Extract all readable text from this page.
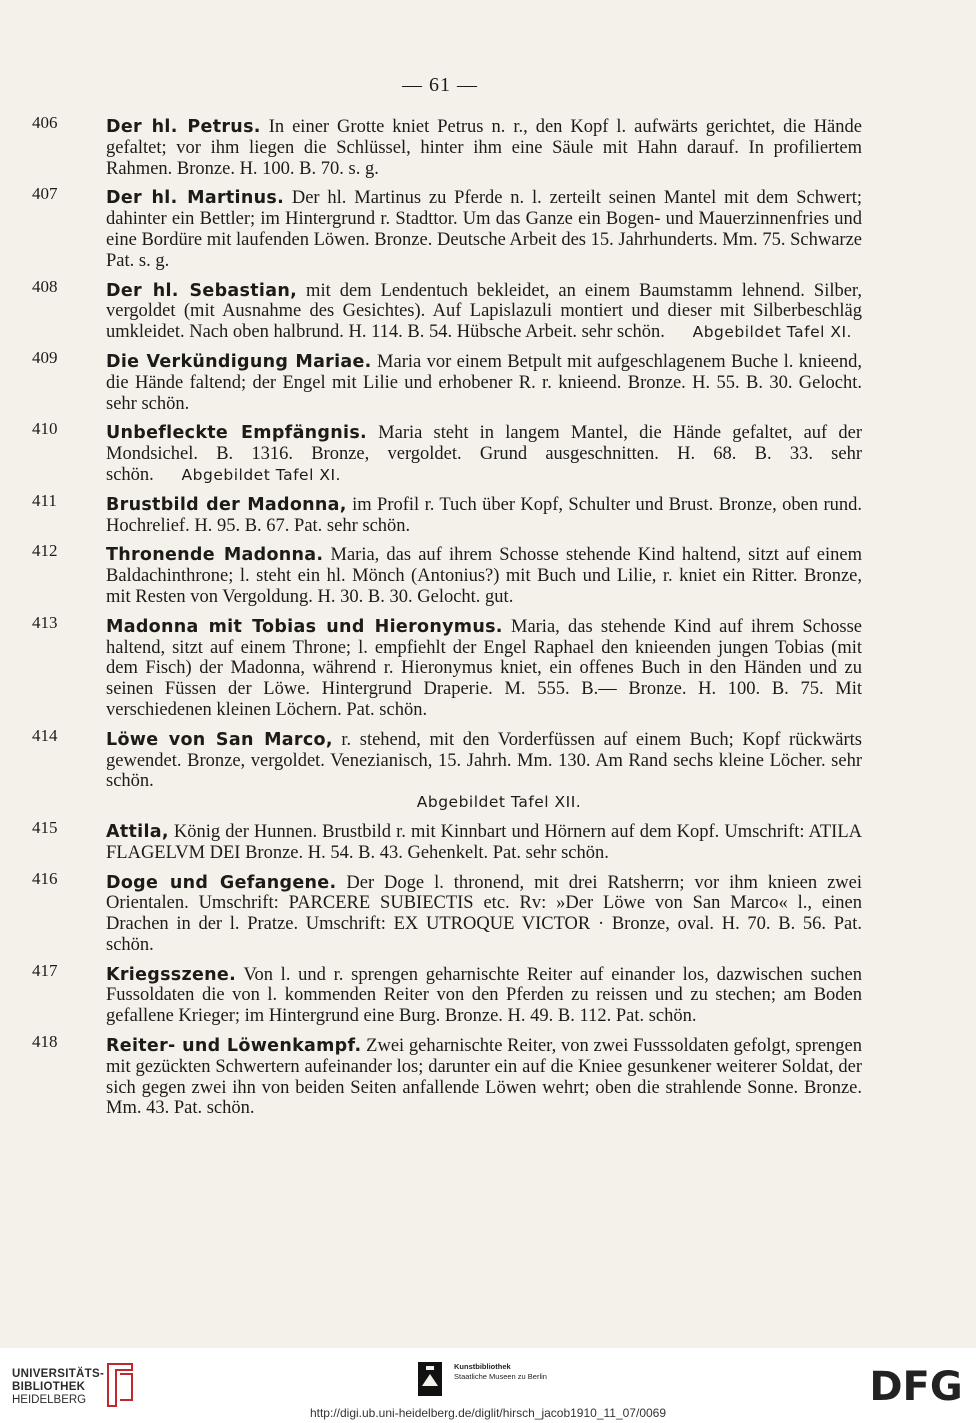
— 61 —
406	Der hl. Petrus. In einer Grotte kniet Petrus n. r., den Kopf l. aufwärts gerichtet, die Hände gefaltet; vor ihm liegen die Schlüssel, hinter ihm eine Säule mit Hahn darauf. In profiliertem Rahmen. Bronze. H. 100. B. 70. s. g.
407	Der hl. Martinus. Der hl. Martinus zu Pferde n. l. zerteilt seinen Mantel mit dem Schwert; dahinter ein Bettler; im Hintergrund r. Stadttor. Um das Ganze ein Bogen- und Mauerzinnenfries und eine Bordüre mit laufenden Löwen. Bronze. Deutsche Arbeit des 15. Jahrhunderts. Mm. 75. Schwarze Pat. s. g.
408	Der hl. Sebastian, mit dem Lendentuch bekleidet, an einem Baumstamm lehnend. Silber, vergoldet (mit Ausnahme des Gesichtes). Auf Lapislazuli montiert und dieser mit Silberbeschläg umkleidet. Nach oben halbrund. H. 114. B. 54. Hübsche Arbeit. sehr schön. Abgebildet Tafel XI.
409	Die Verkündigung Mariae. Maria vor einem Betpult mit aufgeschlagenem Buche l. knieend, die Hände faltend; der Engel mit Lilie und erhobener R. r. knieend. Bronze. H. 55. B. 30. Gelocht. sehr schön.
410	Unbefleckte Empfängnis. Maria steht in langem Mantel, die Hände gefaltet, auf der Mondsichel. B. 1316. Bronze, vergoldet. Grund ausgeschnitten. H. 68. B. 33. sehr schön. Abgebildet Tafel XI.
411	Brustbild der Madonna, im Profil r. Tuch über Kopf, Schulter und Brust. Bronze, oben rund. Hochrelief. H. 95. B. 67. Pat. sehr schön.
412	Thronende Madonna. Maria, das auf ihrem Schosse stehende Kind haltend, sitzt auf einem Baldachinthrone; l. steht ein hl. Mönch (Antonius?) mit Buch und Lilie, r. kniet ein Ritter. Bronze, mit Resten von Vergoldung. H. 30. B. 30. Gelocht. gut.
413	Madonna mit Tobias und Hieronymus. Maria, das stehende Kind auf ihrem Schosse haltend, sitzt auf einem Throne; l. empfiehlt der Engel Raphael den knieenden jungen Tobias (mit dem Fisch) der Madonna, während r. Hieronymus kniet, ein offenes Buch in den Händen und zu seinen Füssen der Löwe. Hintergrund Draperie. M. 555. B.— Bronze. H. 100. B. 75. Mit verschiedenen kleinen Löchern. Pat. schön.
414	Löwe von San Marco, r. stehend, mit den Vorderfüssen auf einem Buch; Kopf rückwärts gewendet. Bronze, vergoldet. Venezianisch, 15. Jahrh. Mm. 130. Am Rand sechs kleine Löcher. sehr schön.
Abgebildet Tafel XII.
415	Attila, König der Hunnen. Brustbild r. mit Kinnbart und Hörnern auf dem Kopf. Umschrift: ATILA FLAGELVM DEI Bronze. H. 54. B. 43. Gehenkelt. Pat. sehr schön.
416	Doge und Gefangene. Der Doge l. thronend, mit drei Ratsherrn; vor ihm knieen zwei Orientalen. Umschrift: PARCERE SUBIECTIS etc. Rv: »Der Löwe von San Marco« l., einen Drachen in der l. Pratze. Umschrift: EX UTROQUE VICTOR · Bronze, oval. H. 70. B. 56. Pat. schön.
417	Kriegsszene. Von l. und r. sprengen geharnischte Reiter auf einander los, dazwischen suchen Fussoldaten die von l. kommenden Reiter von den Pferden zu reissen und zu stechen; am Boden gefallene Krieger; im Hintergrund eine Burg. Bronze. H. 49. B. 112. Pat. schön.
418	Reiter- und Löwenkampf. Zwei geharnischte Reiter, von zwei Fusssoldaten gefolgt, sprengen mit gezückten Schwertern aufeinander los; darunter ein auf die Kniee gesunkener weiterer Soldat, der sich gegen zwei ihn von beiden Seiten anfallende Löwen wehrt; oben die strahlende Sonne. Bronze. Mm. 43. Pat. schön.
UNIVERSITÄTS-
BIBLIOTHEK
HEIDELBERG
Kunstbibliothek
Staatliche Museen zu Berlin	DFG
http://digi.ub.uni-heidelberg.de/diglit/hirsch_jacob1910_11_07/0069
